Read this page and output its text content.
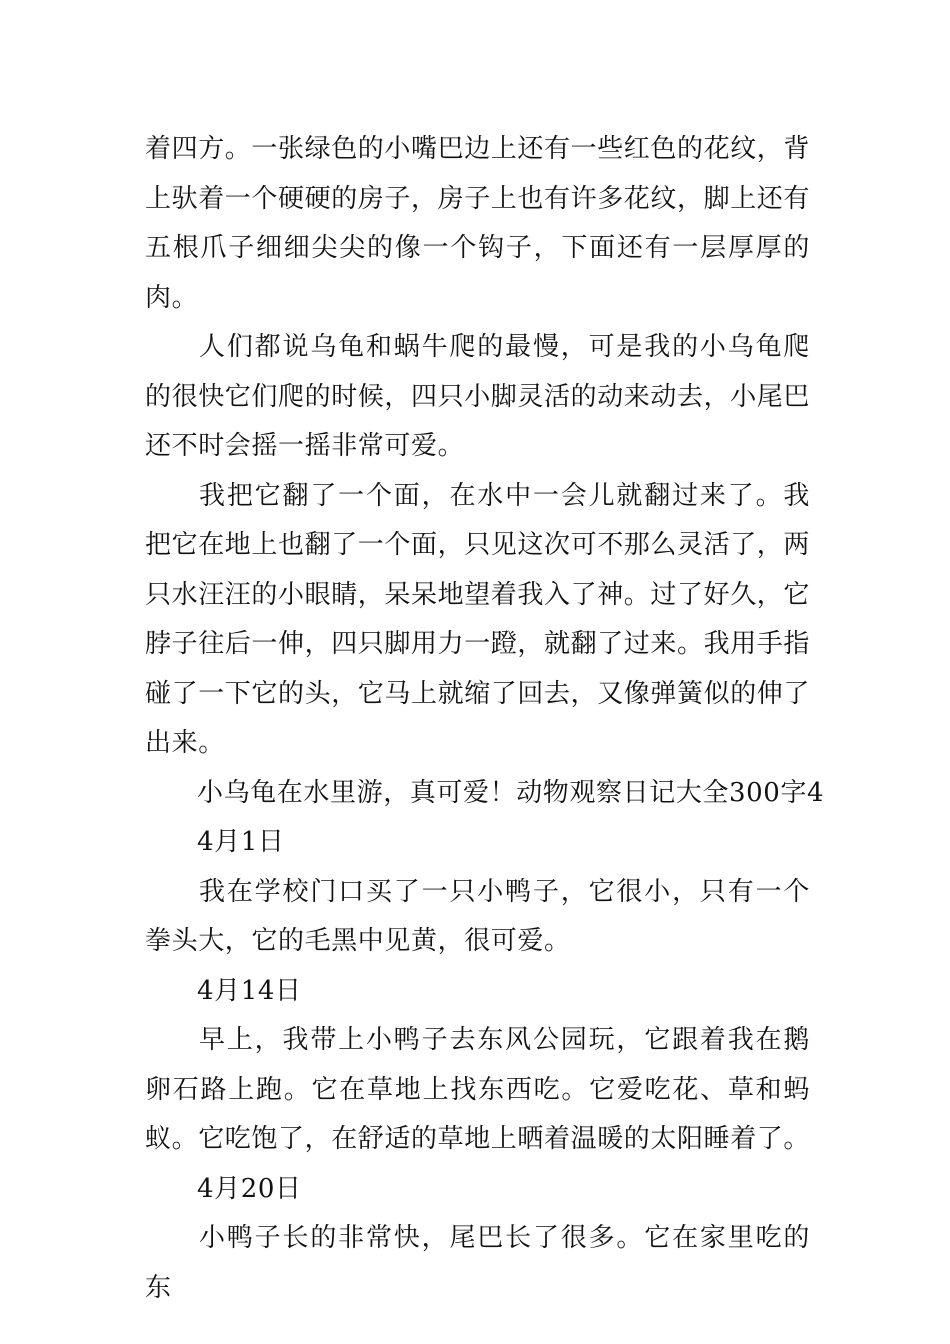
着四方。一张绿色的小嘴巴边上还有一些红色的花纹，背上驮着一个硬硬的房子，房子上也有许多花纹，脚上还有五根爪子细细尖尖的像一个钩子，下面还有一层厚厚的肉。

人们都说乌龟和蜗牛爬的最慢，可是我的小乌龟爬的很快它们爬的时候，四只小脚灵活的动来动去，小尾巴还不时会摇一摇非常可爱。

我把它翻了一个面，在水中一会儿就翻过来了。我把它在地上也翻了一个面，只见这次可不那么灵活了，两只水汪汪的小眼睛，呆呆地望着我入了神。过了好久，它脖子往后一伸，四只脚用力一蹬，就翻了过来。我用手指碰了一下它的头，它马上就缩了回去，又像弹簧似的伸了出来。

小乌龟在水里游，真可爱！动物观察日记大全300字4

4月1日

我在学校门口买了一只小鸭子，它很小，只有一个拳头大，它的毛黑中见黄，很可爱。

4月14日

早上，我带上小鸭子去东风公园玩，它跟着我在鹅卵石路上跑。它在草地上找东西吃。它爱吃花、草和蚂蚁。它吃饱了，在舒适的草地上晒着温暖的太阳睡着了。

4月20日

小鸭子长的非常快，尾巴长了很多。它在家里吃的东
